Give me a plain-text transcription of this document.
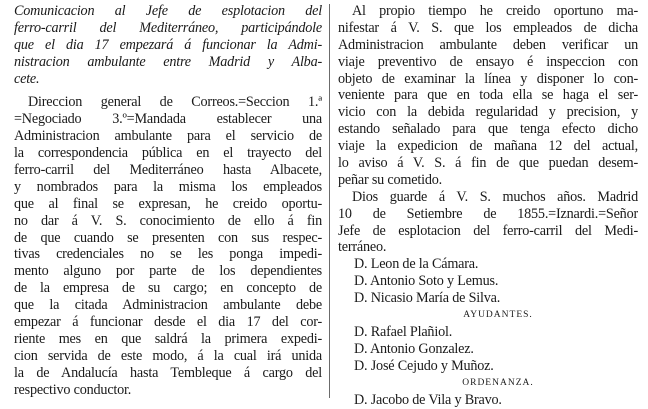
Comunicacion al Jefe de esplotacion del
ferro-carril del Mediterráneo, participándole
que el dia 17 empezará á funcionar la Admi-
nistracion ambulante entre Madrid y Alba-
cete.
Direccion general de Correos.=Seccion 1.ª
=Negociado 3.º=Mandada establecer una
Administracion ambulante para el servicio de
la correspondencia pública en el trayecto del
ferro-carril del Mediterráneo hasta Albacete,
y nombrados para la misma los empleados
que al final se expresan, he creido oportu-
no dar á V. S. conocimiento de ello á fin
de que cuando se presenten con sus respec-
tivas credenciales no se les ponga impedi-
mento alguno por parte de los dependientes
de la empresa de su cargo; en concepto de
que la citada Administracion ambulante debe
empezar á funcionar desde el dia 17 del cor-
riente mes en que saldrá la primera expedi-
cion servida de este modo, á la cual irá unida
la de Andalucía hasta Tembleque á cargo del
respectivo conductor.
Al propio tiempo he creido oportuno ma-
nifestar á V. S. que los empleados de dicha
Administracion ambulante deben verificar un
viaje preventivo de ensayo é inspeccion con
objeto de examinar la línea y disponer lo con-
veniente para que en toda ella se haga el ser-
vicio con la debida regularidad y precision, y
estando señalado para que tenga efecto dicho
viaje la expedicion de mañana 12 del actual,
lo aviso á V. S. á fin de que puedan desem-
peñar su cometido.
Dios guarde á V. S. muchos años. Madrid
10 de Setiembre de 1855.=Iznardi.=Señor
Jefe de esplotacion del ferro-carril del Medi-
terráneo.
D. Leon de la Cámara.
D. Antonio Soto y Lemus.
D. Nicasio María de Silva.
AYUDANTES.
D. Rafael Plañiol.
D. Antonio Gonzalez.
D. José Cejudo y Muñoz.
ORDENANZA.
D. Jacobo de Vila y Bravo.
